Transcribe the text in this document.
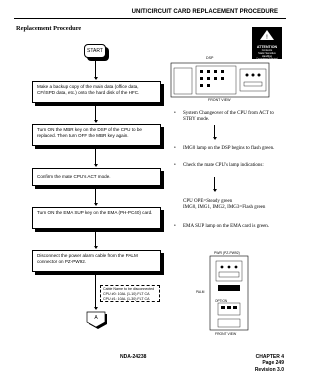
UNIT/CIRCUIT CARD REPLACEMENT PROCEDURE
Replacement Procedure
START
Make a backup copy of the main data (office data, CF/ISPD data, etc.) onto the hard disk of the HFC.
Turn ON the MBR key on the DSP of the CPU to be replaced. Then turn OFF the MBR key again.
Confirm the mate CPU's ACT mode.
Turn ON the EMA SUP key on the EMA (PH-PC40) card.
Disconnect the power alarm cable from the PALM connector on PZ-PW92.
Cable Name to be disconnected
CPU #0: 10AL (1-10) FLT CA
CPU #1: 10AL (1-30) FLT CA
A
!
ATTENTION
Contents
Static Sensitive
Handling
Precautions Required
DSP
FRONT VIEW
•	System Changeover of the CPU from ACT to STBY mode.
•	IMG0 lamp on the DSP begins to flash green.
•	Check the mate CPU's lamp indications:
CPU OPE=Steady green
IMG0, IMG1, IMG2, IMG3=Flash green
•	EMA SUP lamp on the EMA card is green.
PWR (PZ-PW92)
PALM
OPTION
FRONT VIEW
NDA-24238	CHAPTER 4
Page 249
Revision 3.0
